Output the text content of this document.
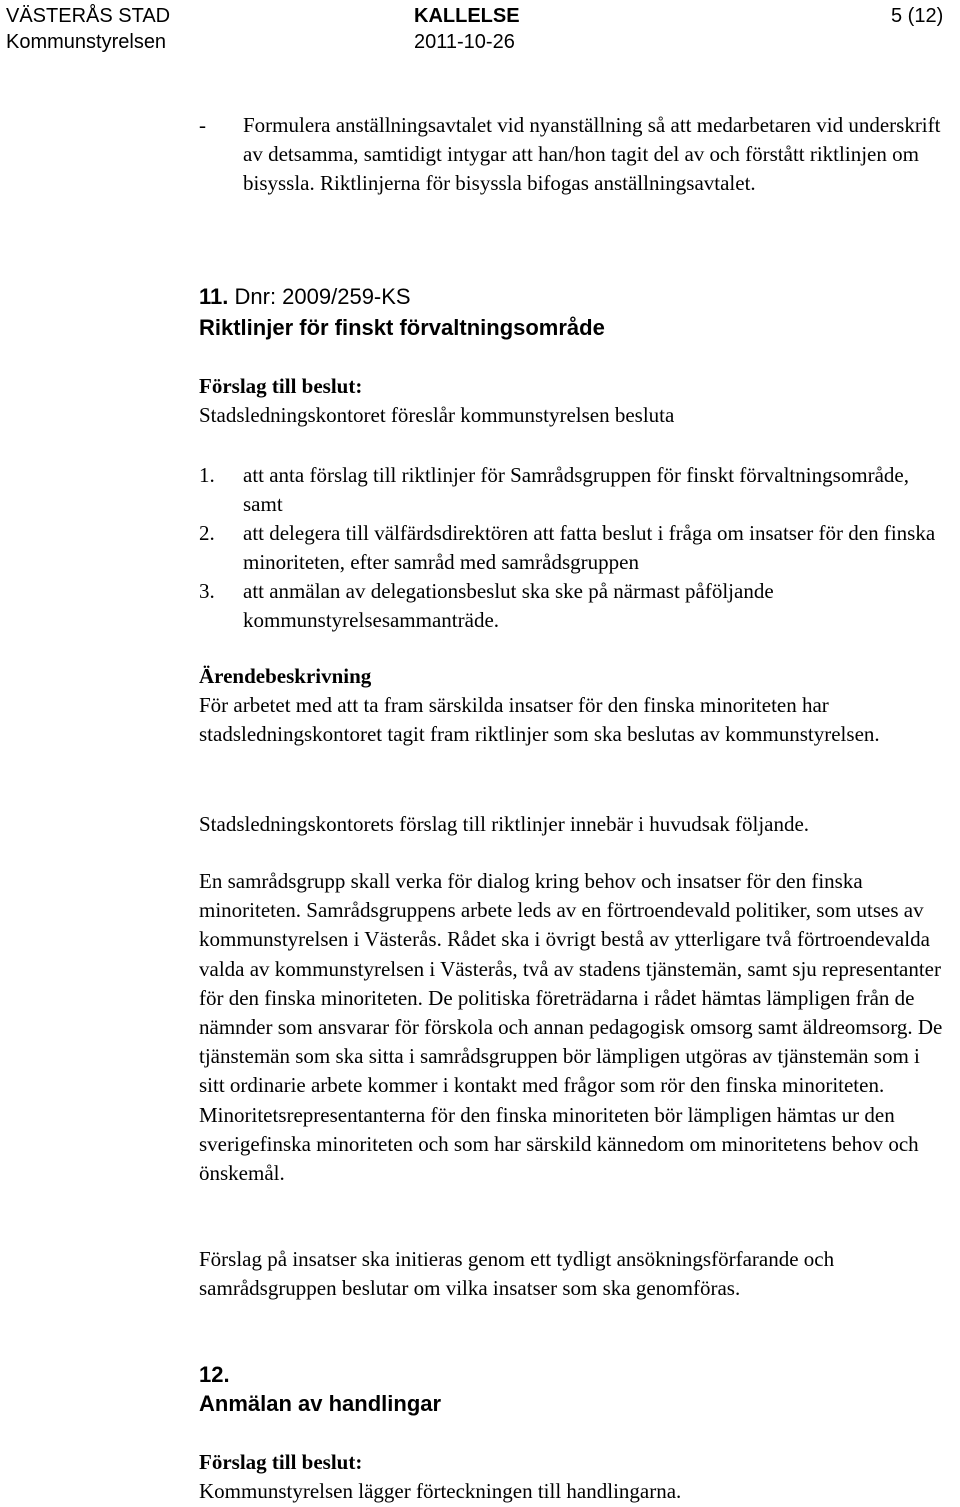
VÄSTERÅS STAD
Kommunstyrelsen
KALLELSE
2011-10-26
5 (12)
- Formulera anställningsavtalet vid nyanställning så att medarbetaren vid underskrift av detsamma, samtidigt intygar att han/hon tagit del av och förstått riktlinjen om bisyssla. Riktlinjerna för bisyssla bifogas anställningsavtalet.
11. Dnr: 2009/259-KS
Riktlinjer för finskt förvaltningsområde
Förslag till beslut:
Stadsledningskontoret föreslår kommunstyrelsen besluta
1. att anta förslag till riktlinjer för Samrådsgruppen för finskt förvaltningsområde, samt
2. att delegera till välfärdsdirektören att fatta beslut i fråga om insatser för den finska minoriteten, efter samråd med samrådsgruppen
3. att anmälan av delegationsbeslut ska ske på närmast påföljande kommunstyrelsesammanträde.
Ärendebeskrivning
För arbetet med att ta fram särskilda insatser för den finska minoriteten har stadsledningskontoret tagit fram riktlinjer som ska beslutas av kommunstyrelsen.
Stadsledningskontorets förslag till riktlinjer innebär i huvudsak följande.
En samrådsgrupp skall verka för dialog kring behov och insatser för den finska minoriteten. Samrådsgruppens arbete leds av en förtroendevald politiker, som utses av kommunstyrelsen i Västerås. Rådet ska i övrigt bestå av ytterligare två förtroendevalda valda av kommunstyrelsen i Västerås, två av stadens tjänstemän, samt sju representanter för den finska minoriteten. De politiska företrädarna i rådet hämtas lämpligen från de nämnder som ansvarar för förskola och annan pedagogisk omsorg samt äldreomsorg. De tjänstemän som ska sitta i samrådsgruppen bör lämpligen utgöras av tjänstemän som i sitt ordinarie arbete kommer i kontakt med frågor som rör den finska minoriteten. Minoritetsrepresentanterna för den finska minoriteten bör lämpligen hämtas ur den sverigefinska minoriteten och som har särskild kännedom om minoritetens behov och önskemål.
Förslag på insatser ska initieras genom ett tydligt ansökningsförfarande och samrådsgruppen beslutar om vilka insatser som ska genomföras.
12.
Anmälan av handlingar
Förslag till beslut:
Kommunstyrelsen lägger förteckningen till handlingarna.
